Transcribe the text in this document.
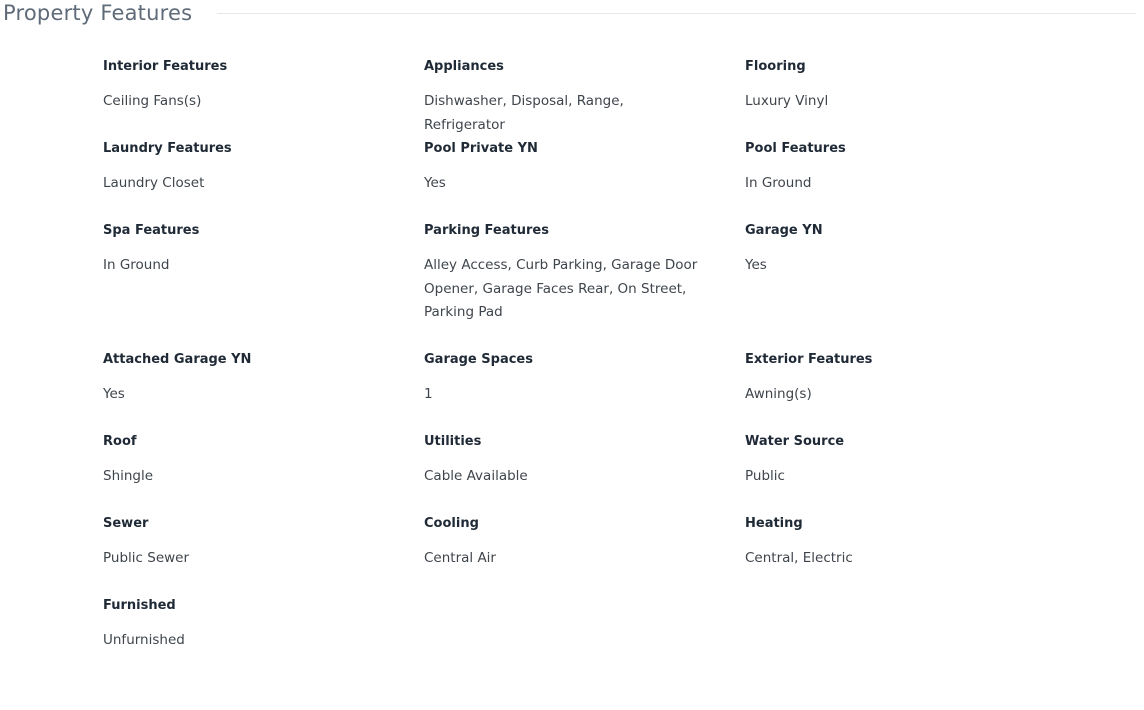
Property Features
Interior Features
Ceiling Fans(s)
Appliances
Dishwasher, Disposal, Range, Refrigerator
Flooring
Luxury Vinyl
Laundry Features
Laundry Closet
Pool Private YN
Yes
Pool Features
In Ground
Spa Features
In Ground
Parking Features
Alley Access, Curb Parking, Garage Door Opener, Garage Faces Rear, On Street, Parking Pad
Garage YN
Yes
Attached Garage YN
Yes
Garage Spaces
1
Exterior Features
Awning(s)
Roof
Shingle
Utilities
Cable Available
Water Source
Public
Sewer
Public Sewer
Cooling
Central Air
Heating
Central, Electric
Furnished
Unfurnished
